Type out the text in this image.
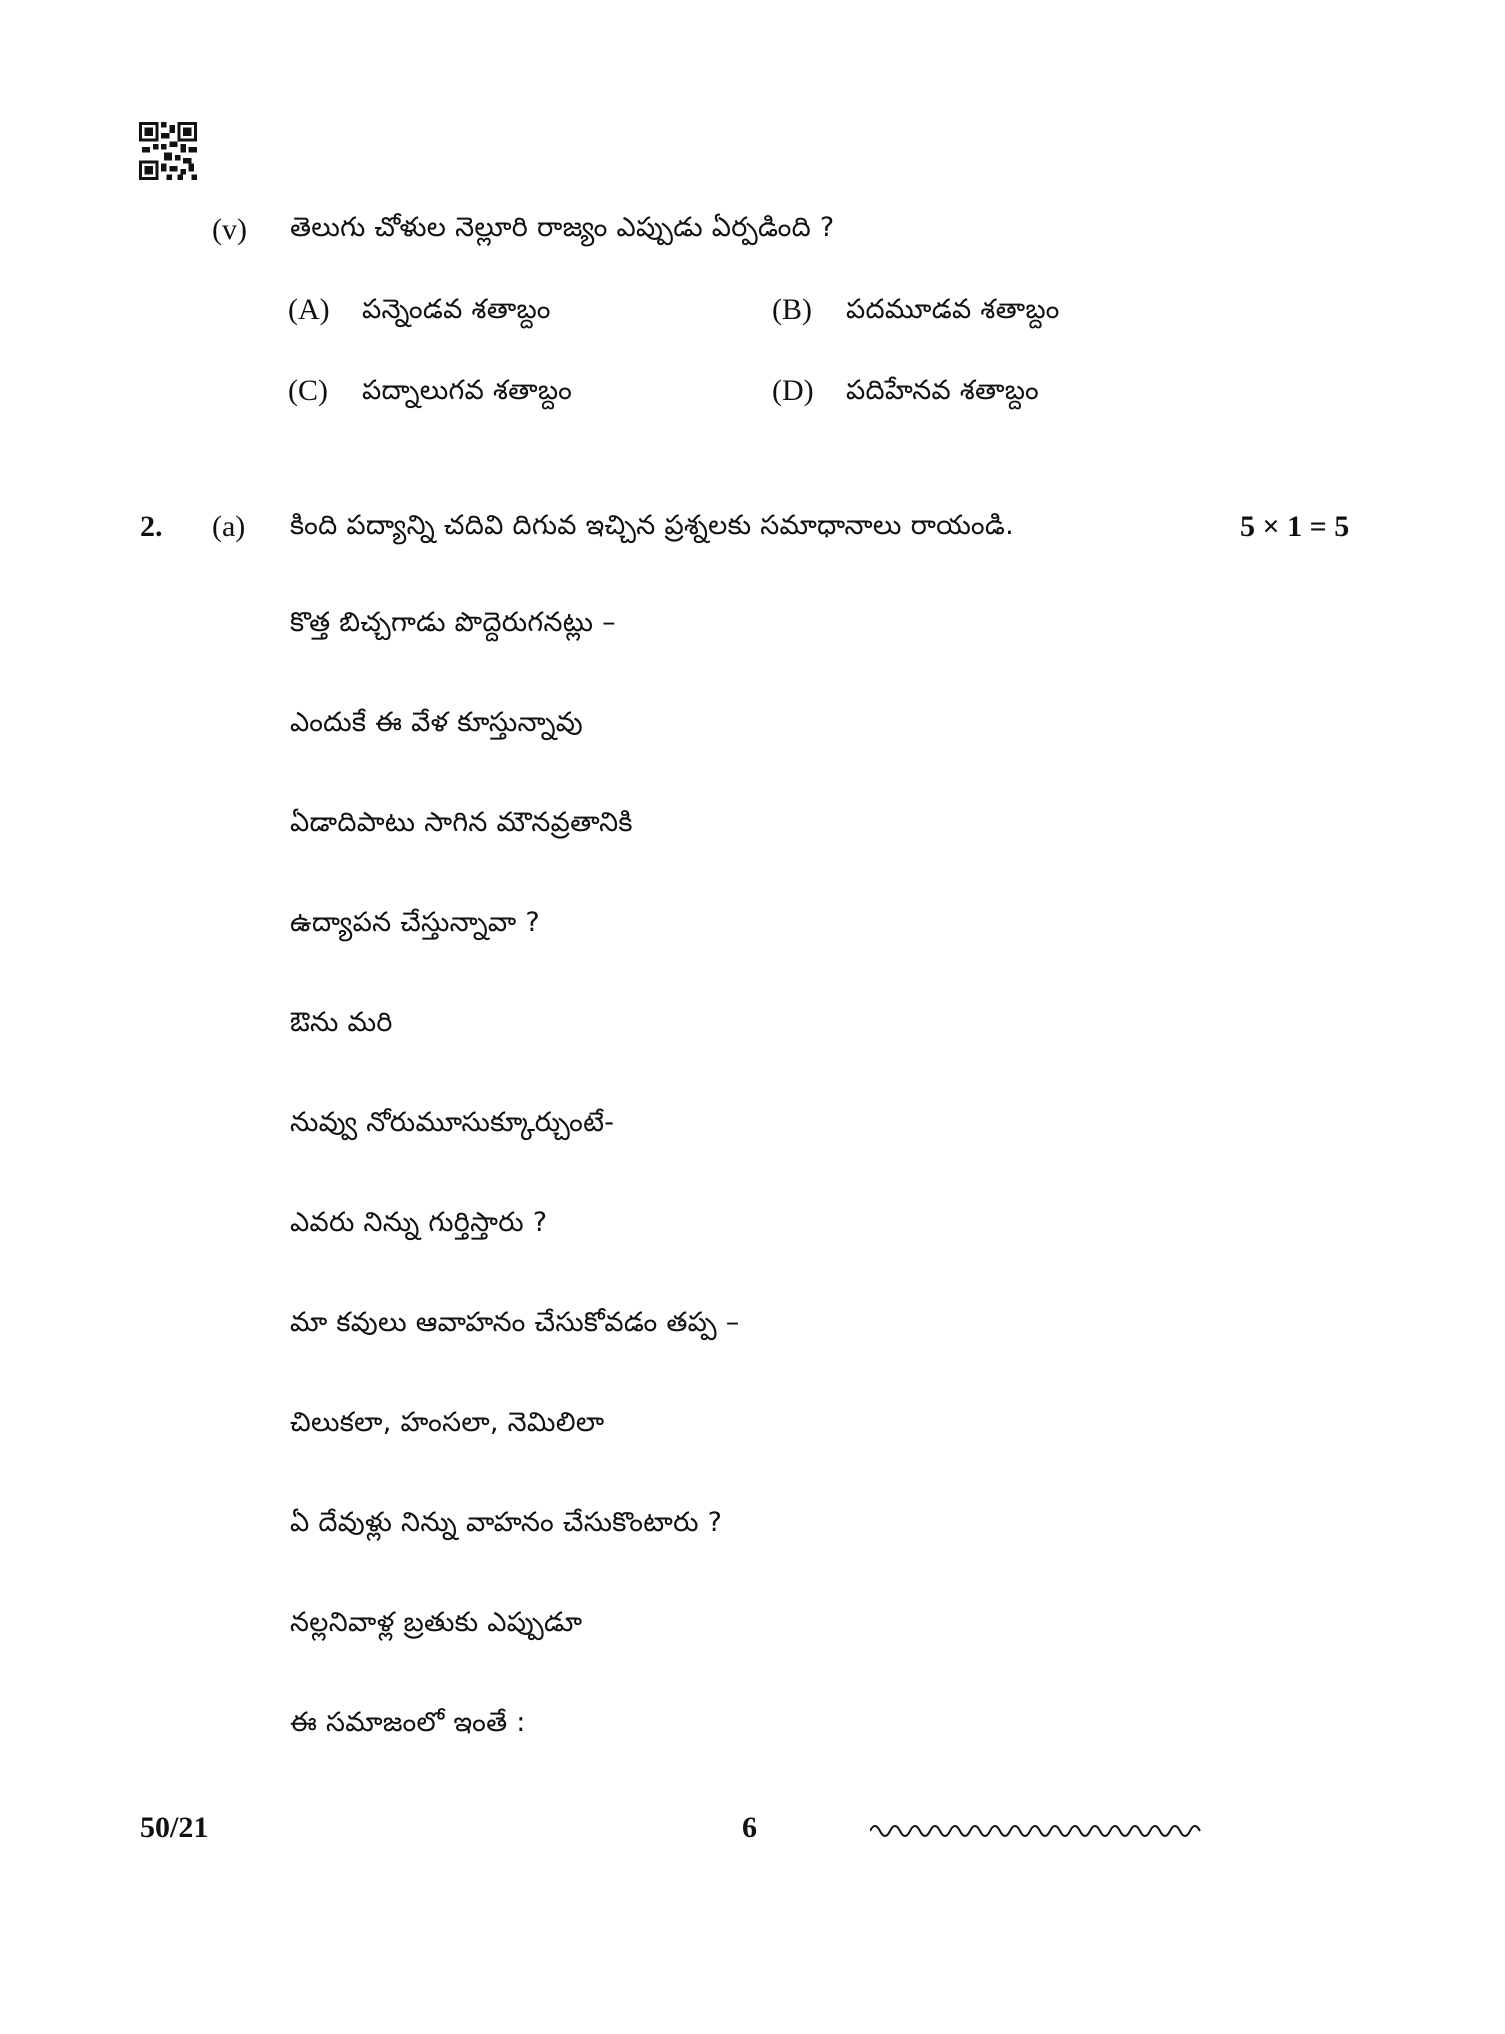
(v) తెలుగు చోళుల నెల్లూరి రాజ్యం ఎప్పుడు ఏర్పడింది ?
(A) పన్నెండవ శతాబ్దం	(B) పదమూడవ శతాబ్దం
(C) పద్నాలుగవ శతాబ్దం	(D) పదిహేనవ శతాబ్దం
2. (a) కింది పద్యాన్ని చదివి దిగువ ఇచ్చిన ప్రశ్నలకు సమాధానాలు రాయండి.	5 × 1 = 5
కొత్త బిచ్చగాడు పొద్దెరుగనట్లు –
ఎందుకే ఈ వేళ కూస్తున్నావు
ఏడాదిపాటు సాగిన మౌనవ్రతానికి
ఉద్యాపన చేస్తున్నావా ?
ఔను మరి
నువ్వు నోరుమూసుక్కూర్చుంటే-
ఎవరు నిన్ను గుర్తిస్తారు ?
మా కవులు ఆవాహనం చేసుకోవడం తప్ప –
చిలుకలా, హంసలా, నెమిలిలా
ఏ దేవుళ్లు నిన్ను వాహనం చేసుకొంటారు ?
నల్లనివాళ్ల బ్రతుకు ఎప్పుడూ
ఈ సమాజంలో ఇంతే :
50/21	6
